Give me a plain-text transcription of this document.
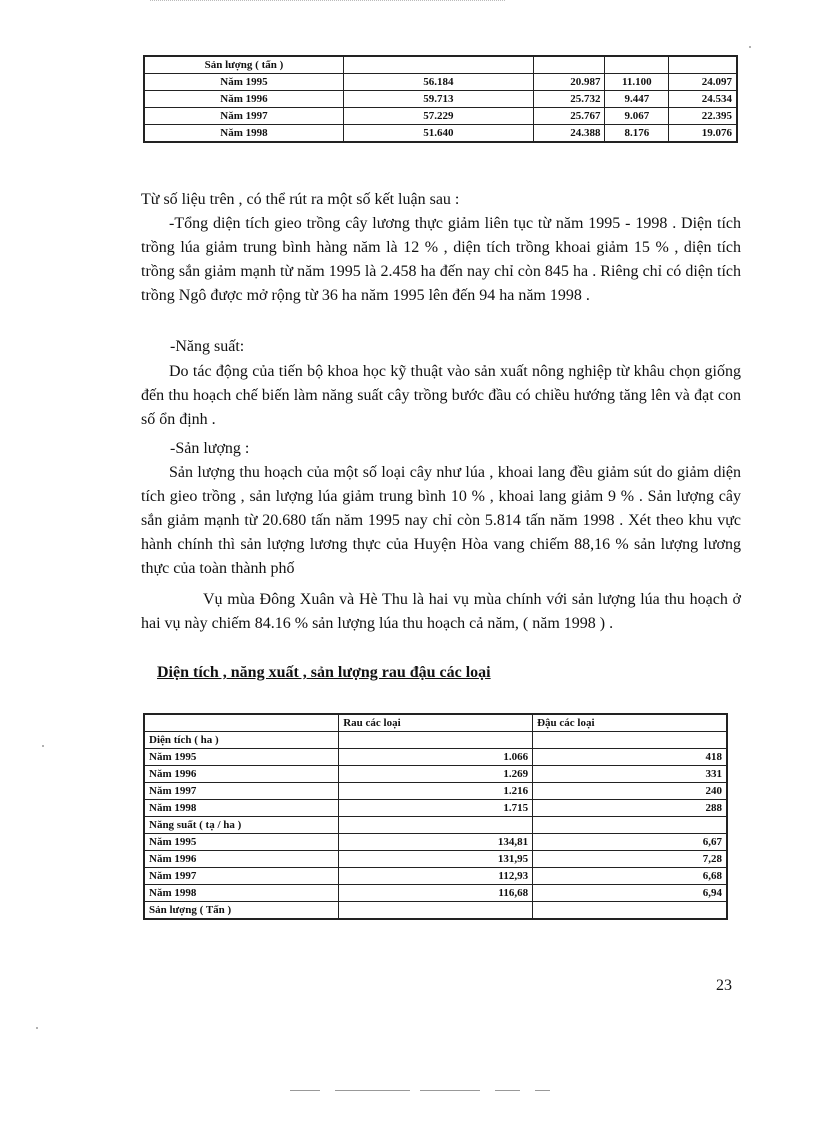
Sản lượng ( tấn )				
Năm 1995	56.184	20.987	11.100	24.097
Năm 1996	59.713	25.732	9.447	24.534
Năm 1997	57.229	25.767	9.067	22.395
Năm 1998	51.640	24.388	8.176	19.076

Từ số liệu trên , có thể rút ra một số kết luận sau :

-Tổng diện tích gieo trồng cây lương thực giảm liên tục từ năm 1995 - 1998 . Diện tích trồng lúa giảm trung bình hàng năm là 12 % , diện tích trồng khoai giảm 15 % , diện tích trồng sắn giảm mạnh từ năm 1995 là 2.458 ha đến nay chỉ còn 845 ha . Riêng chỉ có diện tích trồng Ngô được mở rộng từ 36 ha năm 1995 lên đến 94 ha năm 1998 .

-Năng suất:

Do tác động của tiến bộ khoa học kỹ thuật vào sản xuất nông nghiệp từ khâu chọn giống đến thu hoạch chế biến làm năng suất cây trồng bước đầu có chiều hướng tăng lên và đạt con số ổn định .

-Sản lượng :

Sản lượng thu hoạch của một số loại cây như lúa , khoai lang đều giảm sút do giảm diện tích gieo trồng , sản lượng lúa giảm trung bình 10 % , khoai lang giảm 9 % . Sản lượng cây sắn giảm mạnh từ 20.680 tấn năm 1995 nay chỉ còn 5.814 tấn năm 1998 . Xét theo khu vực hành chính thì sản lượng lương thực của Huyện Hòa vang chiếm 88,16 % sản lượng lương thực của toàn thành phố

Vụ mùa Đông Xuân và Hè Thu là hai vụ mùa chính với sản lượng lúa thu hoạch ở hai vụ này chiếm 84.16 % sản lượng lúa thu hoạch cả năm, ( năm 1998 ) .

Diện tích , năng xuất , sản lượng rau đậu các loại

	Rau các loại	Đậu các loại
Diện tích ( ha )		
Năm 1995	1.066	418
Năm 1996	1.269	331
Năm 1997	1.216	240
Năm 1998	1.715	288
Năng suất ( tạ / ha )		
Năm 1995	134,81	6,67
Năm 1996	131,95	7,28
Năm 1997	112,93	6,68
Năm 1998	116,68	6,94
Sản lượng ( Tấn )		

23
